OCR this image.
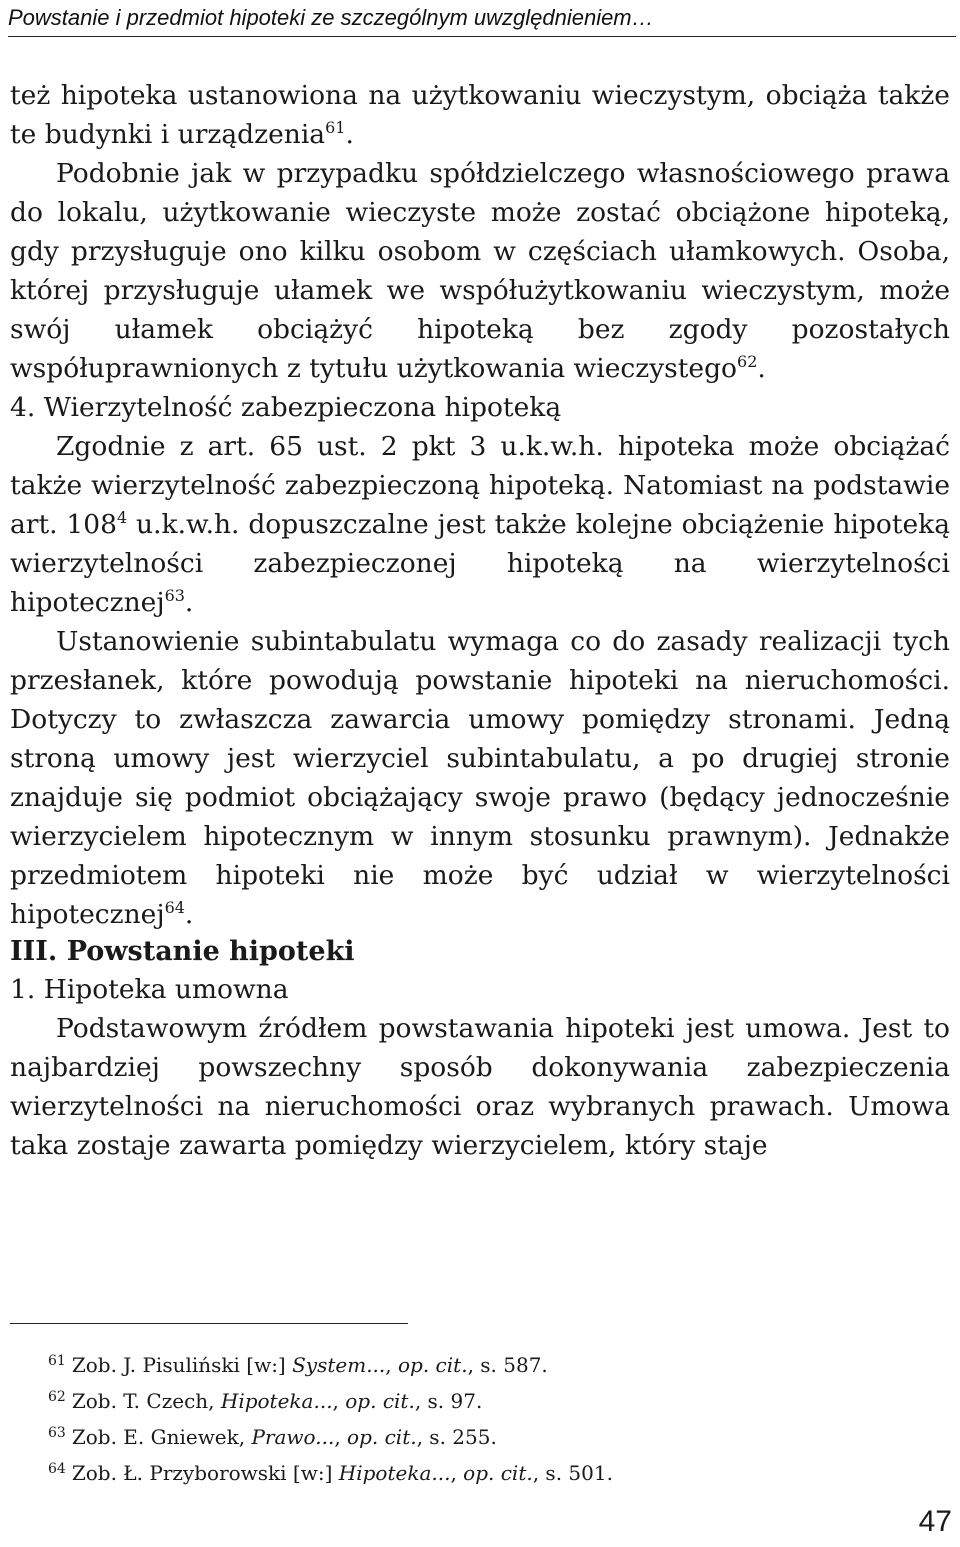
Powstanie i przedmiot hipoteki ze szczególnym uwzględnieniem…

też hipoteka ustanowiona na użytkowaniu wieczystym, obciąża także te budynki i urządzenia$^{61}$.

Podobnie jak w przypadku spółdzielczego własnościowego prawa do lokalu, użytkowanie wieczyste może zostać obciążone hipoteką, gdy przysługuje ono kilku osobom w częściach ułamkowych. Osoba, której przysługuje ułamek we współużytkowaniu wieczystym, może swój ułamek obciążyć hipoteką bez zgody pozostałych współuprawnionych z tytułu użytkowania wieczystego$^{62}$.

4. Wierzytelność zabezpieczona hipoteką

Zgodnie z art. 65 ust. 2 pkt 3 u.k.w.h. hipoteka może obciążać także wierzytelność zabezpieczoną hipoteką. Natomiast na podstawie art. $108^4$ u.k.w.h. dopuszczalne jest także kolejne obciążenie hipoteką wierzytelności zabezpieczonej hipoteką na wierzytelności hipotecznej$^{63}$.

Ustanowienie subintabulatu wymaga co do zasady realizacji tych przesłanek, które powodują powstanie hipoteki na nieruchomości. Dotyczy to zwłaszcza zawarcia umowy pomiędzy stronami. Jedną stroną umowy jest wierzyciel subintabulatu, a po drugiej stronie znajduje się podmiot obciążający swoje prawo (będący jednocześnie wierzycielem hipotecznym w innym stosunku prawnym). Jednakże przedmiotem hipoteki nie może być udział w wierzytelności hipotecznej$^{64}$.

III. Powstanie hipoteki

1. Hipoteka umowna

Podstawowym źródłem powstawania hipoteki jest umowa. Jest to najbardziej powszechny sposób dokonywania zabezpieczenia wierzytelności na nieruchomości oraz wybranych prawach. Umowa taka zostaje zawarta pomiędzy wierzycielem, który staje

$^{61}$ Zob. J. Pisuliński [w:] System..., op. cit., s. 587.
$^{62}$ Zob. T. Czech, Hipoteka..., op. cit., s. 97.
$^{63}$ Zob. E. Gniewek, Prawo..., op. cit., s. 255.
$^{64}$ Zob. Ł. Przyborowski [w:] Hipoteka..., op. cit., s. 501.
47
